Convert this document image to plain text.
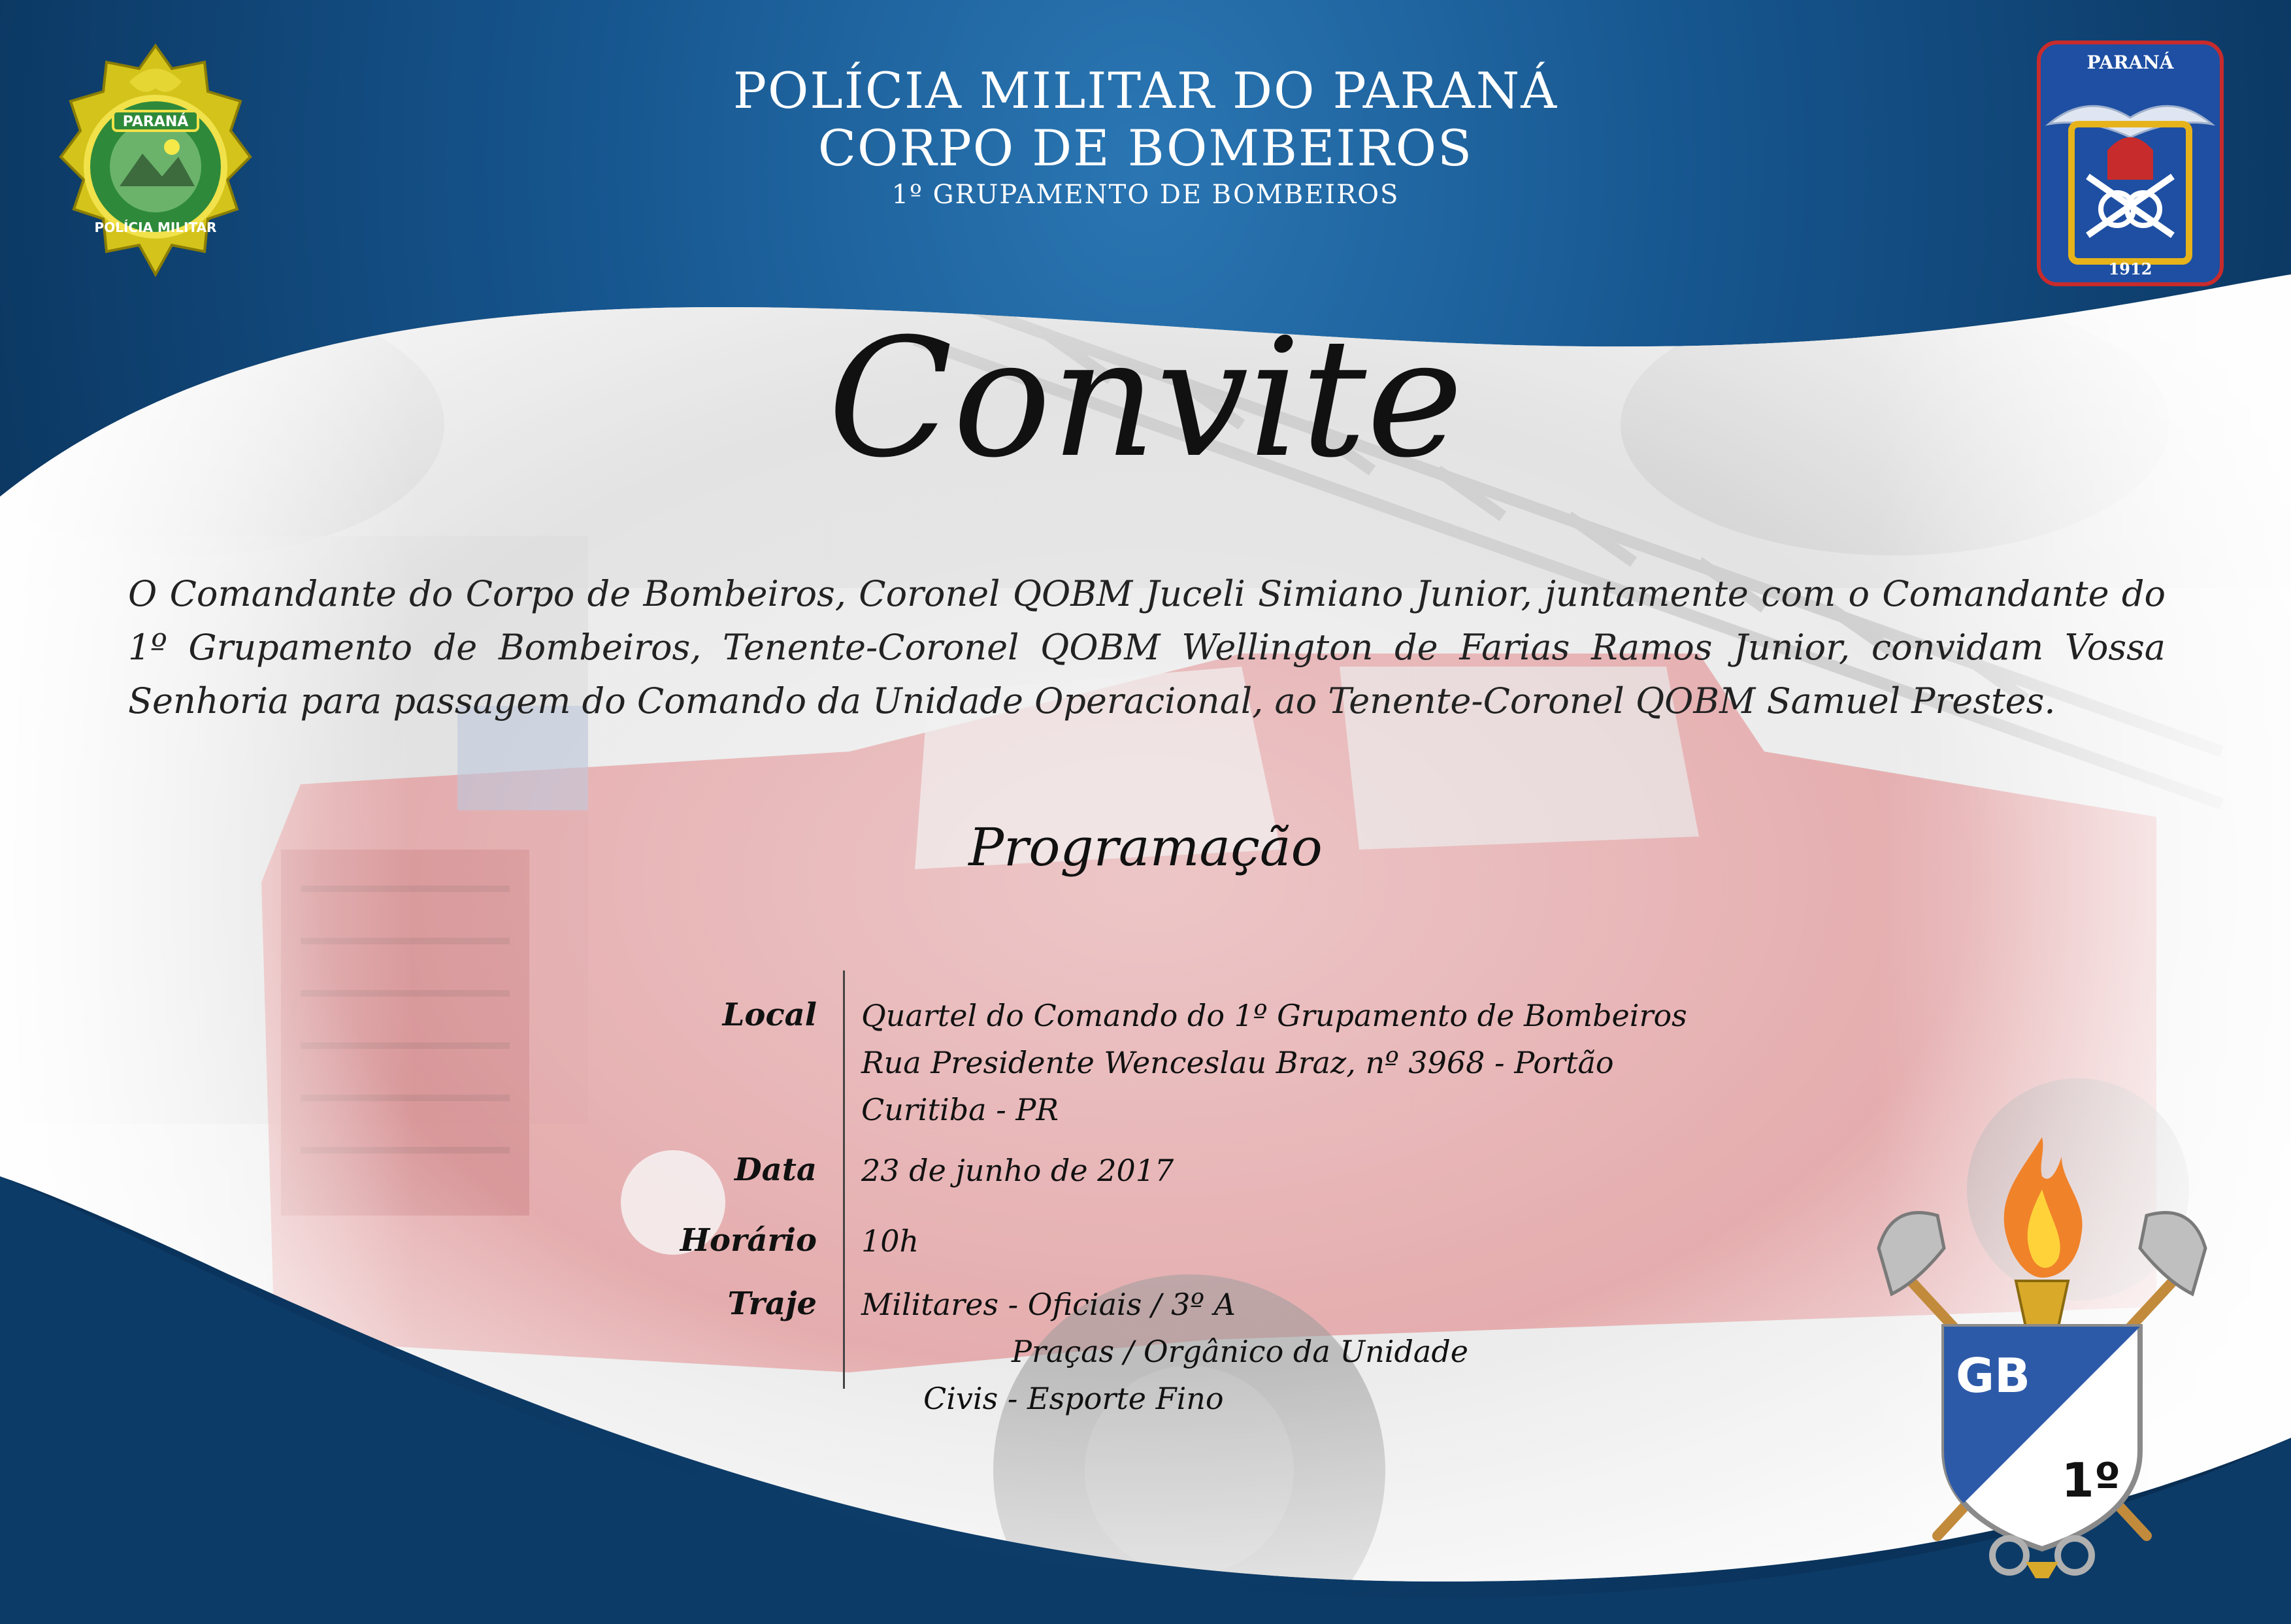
POLÍCIA MILITAR DO PARANÁ
CORPO DE BOMBEIROS
1º GRUPAMENTO DE BOMBEIROS
PARANÁ
POLÍCIA MILITAR
PARANÁ
1912
Convite
O Comandante do Corpo de Bombeiros, Coronel QOBM Juceli Simiano Junior, juntamente com o Comandante do 1º Grupamento de Bombeiros, Tenente-Coronel QOBM Wellington de Farias Ramos Junior, convidam Vossa Senhoria para passagem do Comando da Unidade Operacional, ao Tenente-Coronel QOBM Samuel Prestes.
Programação
Local Quartel do Comando do 1º Grupamento de Bombeiros
Rua Presidente Wenceslau Braz, nº 3968 - Portão
Curitiba - PR
Data 23 de junho de 2017
Horário 10h
Traje Militares - Oficiais / 3º A
Praças / Orgânico da Unidade
Civis - Esporte Fino	GB
1º
